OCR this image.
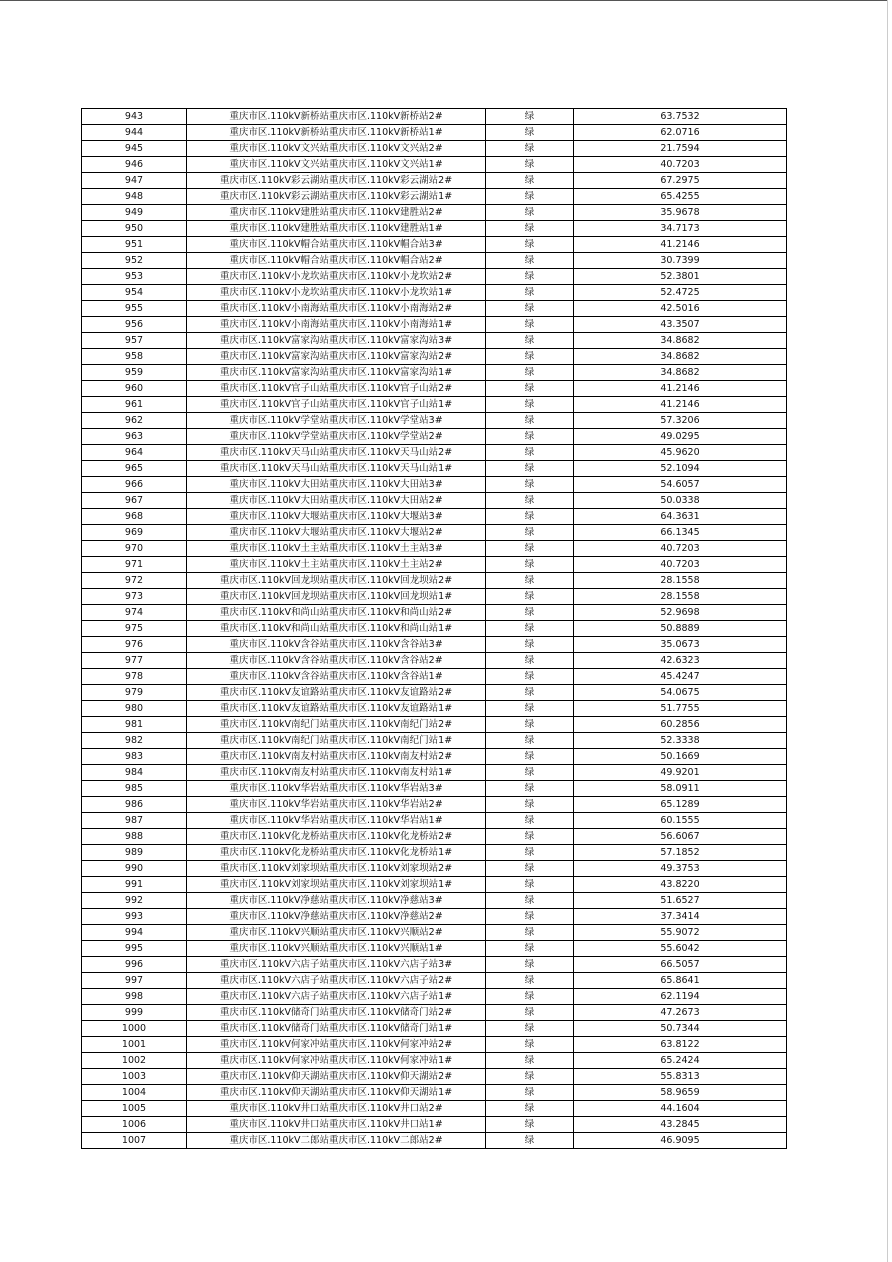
943	重庆市区.110kV新桥站重庆市区.110kV新桥站2#	绿	63.7532
944	重庆市区.110kV新桥站重庆市区.110kV新桥站1#	绿	62.0716
945	重庆市区.110kV文兴站重庆市区.110kV文兴站2#	绿	21.7594
946	重庆市区.110kV文兴站重庆市区.110kV文兴站1#	绿	40.7203
947	重庆市区.110kV彩云湖站重庆市区.110kV彩云湖站2#	绿	67.2975
948	重庆市区.110kV彩云湖站重庆市区.110kV彩云湖站1#	绿	65.4255
949	重庆市区.110kV建胜站重庆市区.110kV建胜站2#	绿	35.9678
950	重庆市区.110kV建胜站重庆市区.110kV建胜站1#	绿	34.7173
951	重庆市区.110kV帽合站重庆市区.110kV帽合站3#	绿	41.2146
952	重庆市区.110kV帽合站重庆市区.110kV帽合站2#	绿	30.7399
953	重庆市区.110kV小龙坎站重庆市区.110kV小龙坎站2#	绿	52.3801
954	重庆市区.110kV小龙坎站重庆市区.110kV小龙坎站1#	绿	52.4725
955	重庆市区.110kV小南海站重庆市区.110kV小南海站2#	绿	42.5016
956	重庆市区.110kV小南海站重庆市区.110kV小南海站1#	绿	43.3507
957	重庆市区.110kV富家沟站重庆市区.110kV富家沟站3#	绿	34.8682
958	重庆市区.110kV富家沟站重庆市区.110kV富家沟站2#	绿	34.8682
959	重庆市区.110kV富家沟站重庆市区.110kV富家沟站1#	绿	34.8682
960	重庆市区.110kV官子山站重庆市区.110kV官子山站2#	绿	41.2146
961	重庆市区.110kV官子山站重庆市区.110kV官子山站1#	绿	41.2146
962	重庆市区.110kV学堂站重庆市区.110kV学堂站3#	绿	57.3206
963	重庆市区.110kV学堂站重庆市区.110kV学堂站2#	绿	49.0295
964	重庆市区.110kV天马山站重庆市区.110kV天马山站2#	绿	45.9620
965	重庆市区.110kV天马山站重庆市区.110kV天马山站1#	绿	52.1094
966	重庆市区.110kV大田站重庆市区.110kV大田站3#	绿	54.6057
967	重庆市区.110kV大田站重庆市区.110kV大田站2#	绿	50.0338
968	重庆市区.110kV大堰站重庆市区.110kV大堰站3#	绿	64.3631
969	重庆市区.110kV大堰站重庆市区.110kV大堰站2#	绿	66.1345
970	重庆市区.110kV土主站重庆市区.110kV土主站3#	绿	40.7203
971	重庆市区.110kV土主站重庆市区.110kV土主站2#	绿	40.7203
972	重庆市区.110kV回龙坝站重庆市区.110kV回龙坝站2#	绿	28.1558
973	重庆市区.110kV回龙坝站重庆市区.110kV回龙坝站1#	绿	28.1558
974	重庆市区.110kV和尚山站重庆市区.110kV和尚山站2#	绿	52.9698
975	重庆市区.110kV和尚山站重庆市区.110kV和尚山站1#	绿	50.8889
976	重庆市区.110kV含谷站重庆市区.110kV含谷站3#	绿	35.0673
977	重庆市区.110kV含谷站重庆市区.110kV含谷站2#	绿	42.6323
978	重庆市区.110kV含谷站重庆市区.110kV含谷站1#	绿	45.4247
979	重庆市区.110kV友谊路站重庆市区.110kV友谊路站2#	绿	54.0675
980	重庆市区.110kV友谊路站重庆市区.110kV友谊路站1#	绿	51.7755
981	重庆市区.110kV南纪门站重庆市区.110kV南纪门站2#	绿	60.2856
982	重庆市区.110kV南纪门站重庆市区.110kV南纪门站1#	绿	52.3338
983	重庆市区.110kV南友村站重庆市区.110kV南友村站2#	绿	50.1669
984	重庆市区.110kV南友村站重庆市区.110kV南友村站1#	绿	49.9201
985	重庆市区.110kV华岩站重庆市区.110kV华岩站3#	绿	58.0911
986	重庆市区.110kV华岩站重庆市区.110kV华岩站2#	绿	65.1289
987	重庆市区.110kV华岩站重庆市区.110kV华岩站1#	绿	60.1555
988	重庆市区.110kV化龙桥站重庆市区.110kV化龙桥站2#	绿	56.6067
989	重庆市区.110kV化龙桥站重庆市区.110kV化龙桥站1#	绿	57.1852
990	重庆市区.110kV刘家坝站重庆市区.110kV刘家坝站2#	绿	49.3753
991	重庆市区.110kV刘家坝站重庆市区.110kV刘家坝站1#	绿	43.8220
992	重庆市区.110kV净慈站重庆市区.110kV净慈站3#	绿	51.6527
993	重庆市区.110kV净慈站重庆市区.110kV净慈站2#	绿	37.3414
994	重庆市区.110kV兴顺站重庆市区.110kV兴顺站2#	绿	55.9072
995	重庆市区.110kV兴顺站重庆市区.110kV兴顺站1#	绿	55.6042
996	重庆市区.110kV六店子站重庆市区.110kV六店子站3#	绿	66.5057
997	重庆市区.110kV六店子站重庆市区.110kV六店子站2#	绿	65.8641
998	重庆市区.110kV六店子站重庆市区.110kV六店子站1#	绿	62.1194
999	重庆市区.110kV储奇门站重庆市区.110kV储奇门站2#	绿	47.2673
1000	重庆市区.110kV储奇门站重庆市区.110kV储奇门站1#	绿	50.7344
1001	重庆市区.110kV何家冲站重庆市区.110kV何家冲站2#	绿	63.8122
1002	重庆市区.110kV何家冲站重庆市区.110kV何家冲站1#	绿	65.2424
1003	重庆市区.110kV仰天湖站重庆市区.110kV仰天湖站2#	绿	55.8313
1004	重庆市区.110kV仰天湖站重庆市区.110kV仰天湖站1#	绿	58.9659
1005	重庆市区.110kV井口站重庆市区.110kV井口站2#	绿	44.1604
1006	重庆市区.110kV井口站重庆市区.110kV井口站1#	绿	43.2845
1007	重庆市区.110kV二郎站重庆市区.110kV二郎站2#	绿	46.9095
